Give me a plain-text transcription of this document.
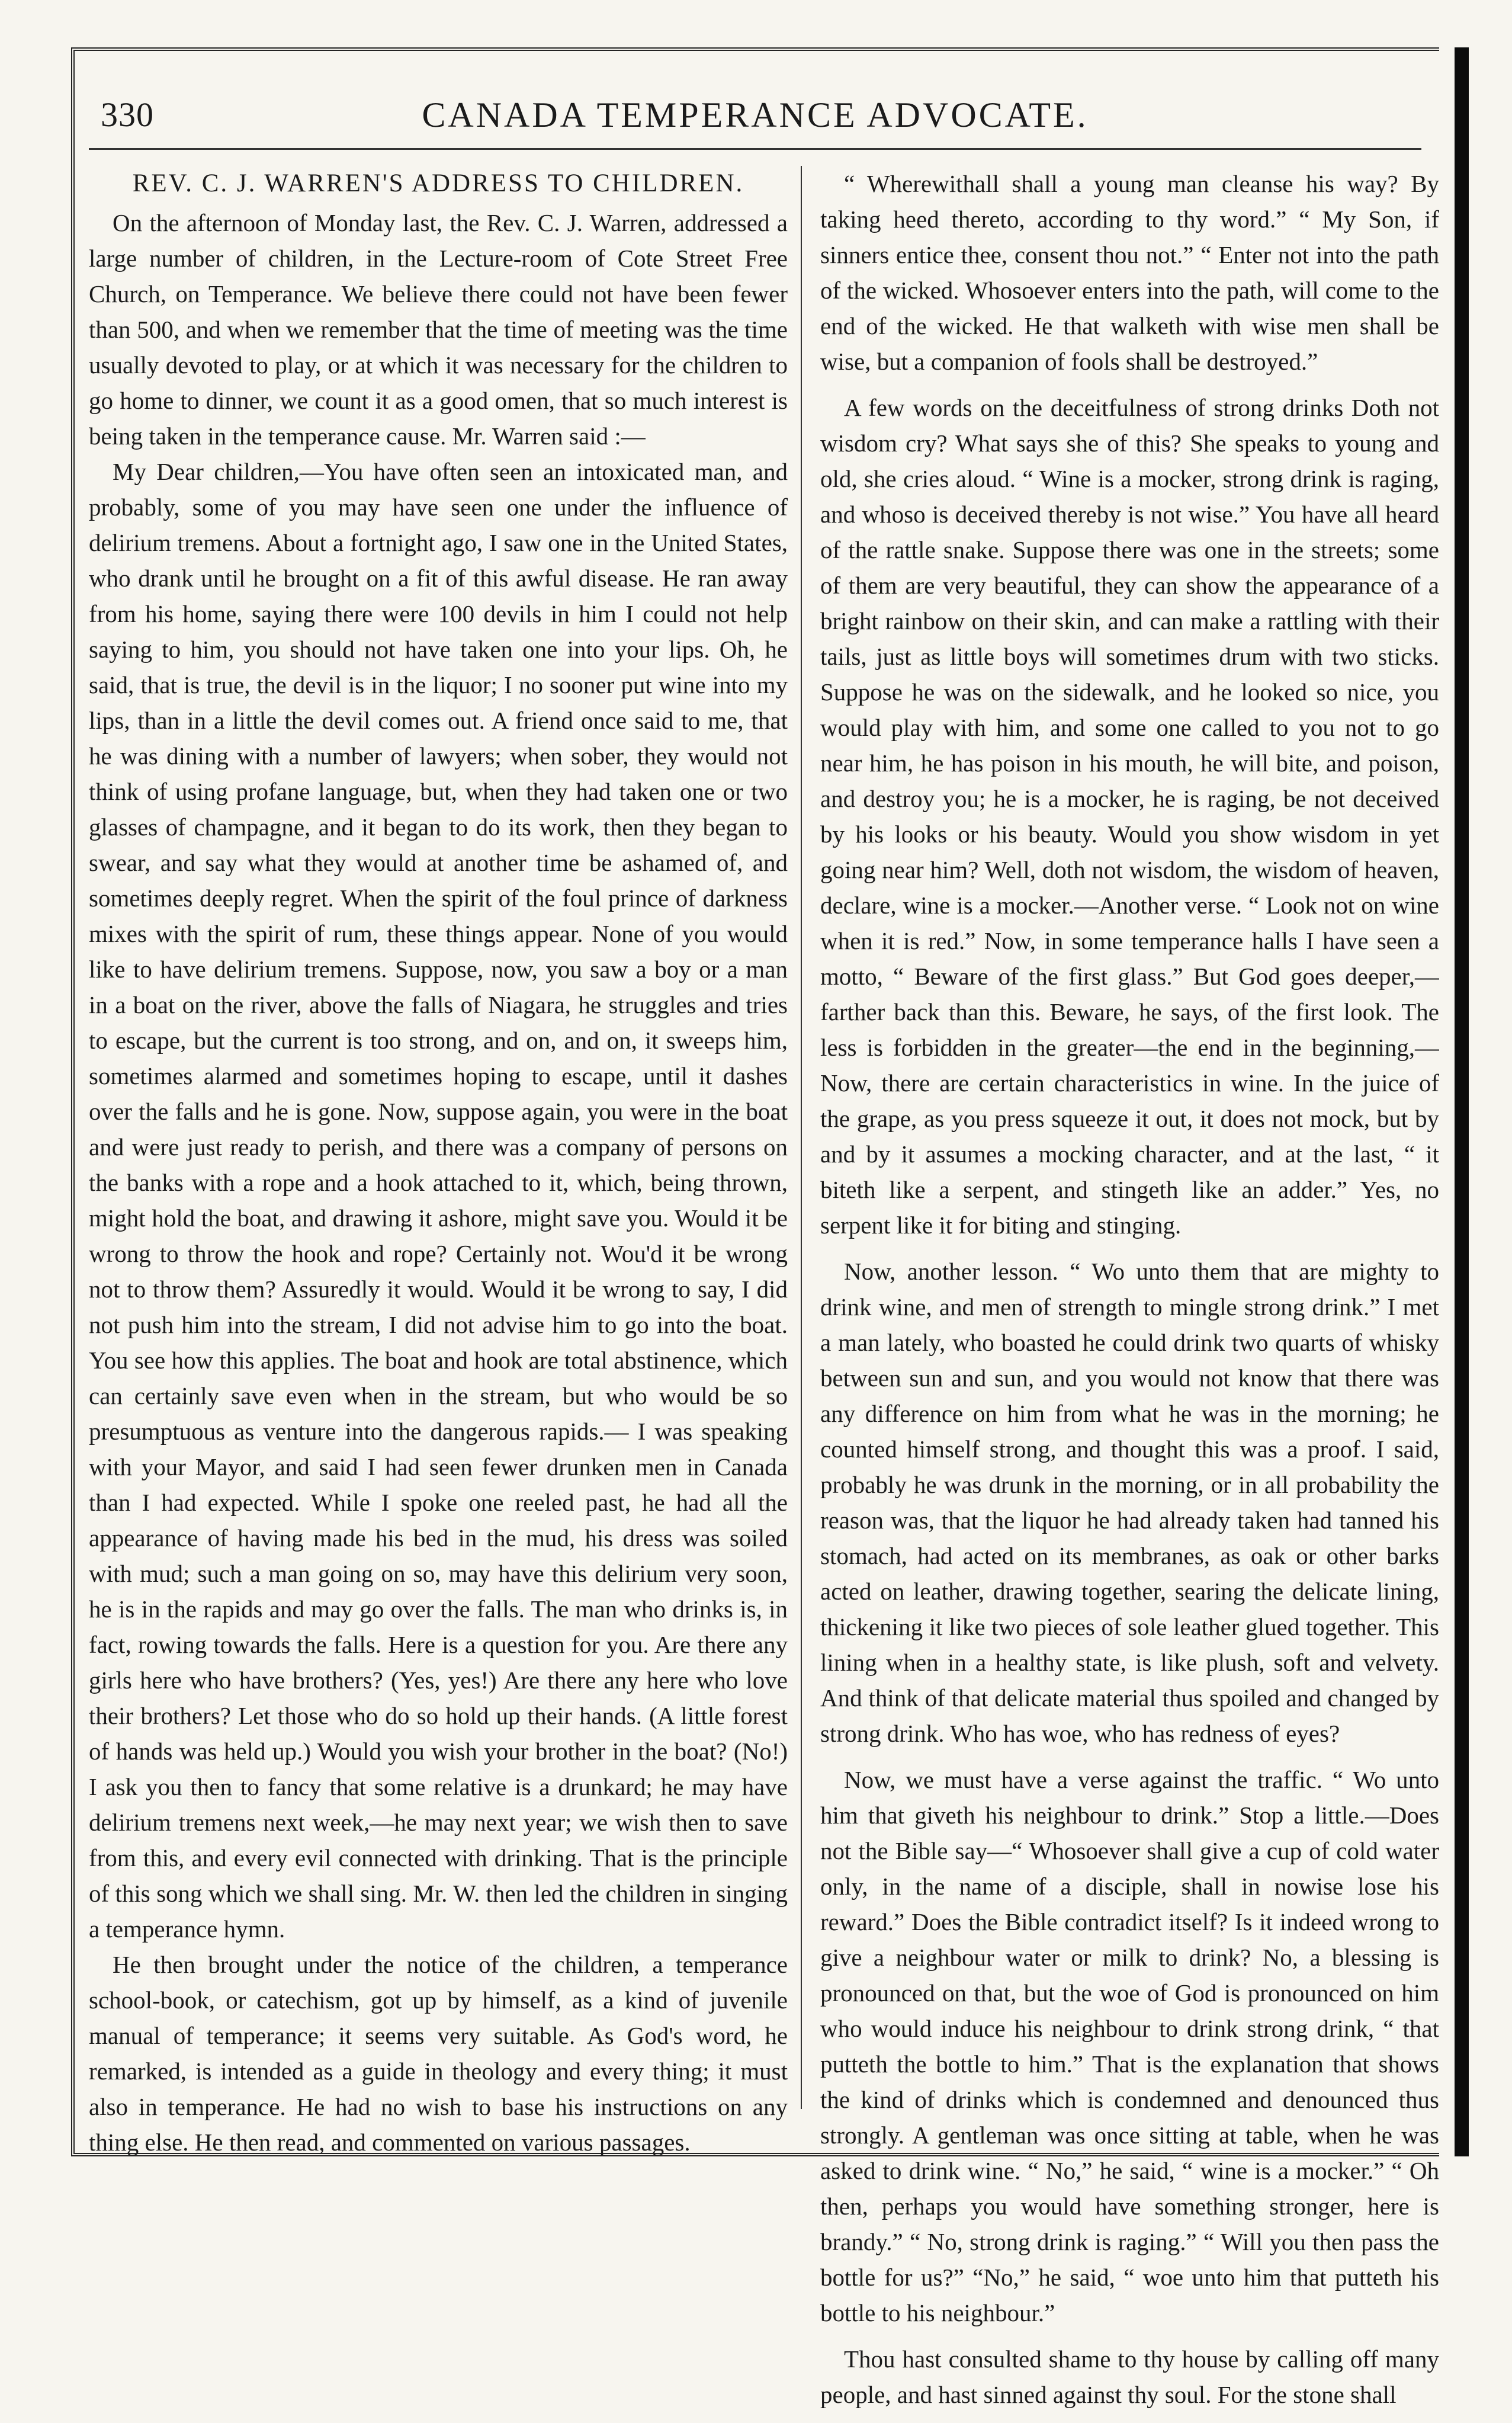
330	CANADA TEMPERANCE ADVOCATE.
REV. C. J. WARREN'S ADDRESS TO CHILDREN.

On the afternoon of Monday last, the Rev. C. J. Warren, addressed a large number of children, in the Lecture-room of Cote Street Free Church, on Temperance. We believe there could not have been fewer than 500, and when we remember that the time of meeting was the time usually devoted to play, or at which it was necessary for the children to go home to dinner, we count it as a good omen, that so much interest is being taken in the temperance cause. Mr. Warren said :—

My Dear children,—You have often seen an intoxicated man, and probably, some of you may have seen one under the influence of delirium tremens. About a fortnight ago, I saw one in the United States, who drank until he brought on a fit of this awful disease. He ran away from his home, saying there were 100 devils in him I could not help saying to him, you should not have taken one into your lips. Oh, he said, that is true, the devil is in the liquor; I no sooner put wine into my lips, than in a little the devil comes out. A friend once said to me, that he was dining with a number of lawyers; when sober, they would not think of using profane language, but, when they had taken one or two glasses of champagne, and it began to do its work, then they began to swear, and say what they would at another time be ashamed of, and sometimes deeply regret. When the spirit of the foul prince of darkness mixes with the spirit of rum, these things appear. None of you would like to have delirium tremens. Suppose, now, you saw a boy or a man in a boat on the river, above the falls of Niagara, he struggles and tries to escape, but the current is too strong, and on, and on, it sweeps him, sometimes alarmed and sometimes hoping to escape, until it dashes over the falls and he is gone. Now, suppose again, you were in the boat and were just ready to perish, and there was a company of persons on the banks with a rope and a hook attached to it, which, being thrown, might hold the boat, and drawing it ashore, might save you. Would it be wrong to throw the hook and rope? Certainly not. Wou'd it be wrong not to throw them? Assuredly it would. Would it be wrong to say, I did not push him into the stream, I did not advise him to go into the boat. You see how this applies. The boat and hook are total abstinence, which can certainly save even when in the stream, but who would be so presumptuous as venture into the dangerous rapids.— I was speaking with your Mayor, and said I had seen fewer drunken men in Canada than I had expected. While I spoke one reeled past, he had all the appearance of having made his bed in the mud, his dress was soiled with mud; such a man going on so, may have this delirium very soon, he is in the rapids and may go over the falls. The man who drinks is, in fact, rowing towards the falls. Here is a question for you. Are there any girls here who have brothers? (Yes, yes!) Are there any here who love their brothers? Let those who do so hold up their hands. (A little forest of hands was held up.) Would you wish your brother in the boat? (No!) I ask you then to fancy that some relative is a drunkard; he may have delirium tremens next week,—he may next year; we wish then to save from this, and every evil connected with drinking. That is the principle of this song which we shall sing. Mr. W. then led the children in singing a temperance hymn.

He then brought under the notice of the children, a temperance school-book, or catechism, got up by himself, as a kind of juvenile manual of temperance; it seems very suitable. As God's word, he remarked, is intended as a guide in theology and every thing; it must also in temperance. He had no wish to base his instructions on any thing else. He then read, and commented on various passages.

“ Wherewithall shall a young man cleanse his way? By taking heed thereto, according to thy word.” “ My Son, if sinners entice thee, consent thou not.” “ Enter not into the path of the wicked. Whosoever enters into the path, will come to the end of the wicked. He that walketh with wise men shall be wise, but a companion of fools shall be destroyed.”

A few words on the deceitfulness of strong drinks Doth not wisdom cry? What says she of this? She speaks to young and old, she cries aloud. “ Wine is a mocker, strong drink is raging, and whoso is deceived thereby is not wise.” You have all heard of the rattle snake. Suppose there was one in the streets; some of them are very beautiful, they can show the appearance of a bright rainbow on their skin, and can make a rattling with their tails, just as little boys will sometimes drum with two sticks. Suppose he was on the sidewalk, and he looked so nice, you would play with him, and some one called to you not to go near him, he has poison in his mouth, he will bite, and poison, and destroy you; he is a mocker, he is raging, be not deceived by his looks or his beauty. Would you show wisdom in yet going near him? Well, doth not wisdom, the wisdom of heaven, declare, wine is a mocker.—Another verse. “ Look not on wine when it is red.” Now, in some temperance halls I have seen a motto, “ Beware of the first glass.” But God goes deeper,—farther back than this. Beware, he says, of the first look. The less is forbidden in the greater—the end in the beginning,—Now, there are certain characteristics in wine. In the juice of the grape, as you press squeeze it out, it does not mock, but by and by it assumes a mocking character, and at the last, “ it biteth like a serpent, and stingeth like an adder.” Yes, no serpent like it for biting and stinging.

Now, another lesson. “ Wo unto them that are mighty to drink wine, and men of strength to mingle strong drink.” I met a man lately, who boasted he could drink two quarts of whisky between sun and sun, and you would not know that there was any difference on him from what he was in the morning; he counted himself strong, and thought this was a proof. I said, probably he was drunk in the morning, or in all probability the reason was, that the liquor he had already taken had tanned his stomach, had acted on its membranes, as oak or other barks acted on leather, drawing together, searing the delicate lining, thickening it like two pieces of sole leather glued together. This lining when in a healthy state, is like plush, soft and velvety. And think of that delicate material thus spoiled and changed by strong drink. Who has woe, who has redness of eyes?

Now, we must have a verse against the traffic. “ Wo unto him that giveth his neighbour to drink.” Stop a little.—Does not the Bible say—“ Whosoever shall give a cup of cold water only, in the name of a disciple, shall in nowise lose his reward.” Does the Bible contradict itself? Is it indeed wrong to give a neighbour water or milk to drink? No, a blessing is pronounced on that, but the woe of God is pronounced on him who would induce his neighbour to drink strong drink, “ that putteth the bottle to him.” That is the explanation that shows the kind of drinks which is condemned and denounced thus strongly. A gentleman was once sitting at table, when he was asked to drink wine. “ No,” he said, “ wine is a mocker.” “ Oh then, perhaps you would have something stronger, here is brandy.” “ No, strong drink is raging.” “ Will you then pass the bottle for us?” “No,” he said, “ woe unto him that putteth his bottle to his neighbour.”

Thou hast consulted shame to thy house by calling off many people, and hast sinned against thy soul. For the stone shall
